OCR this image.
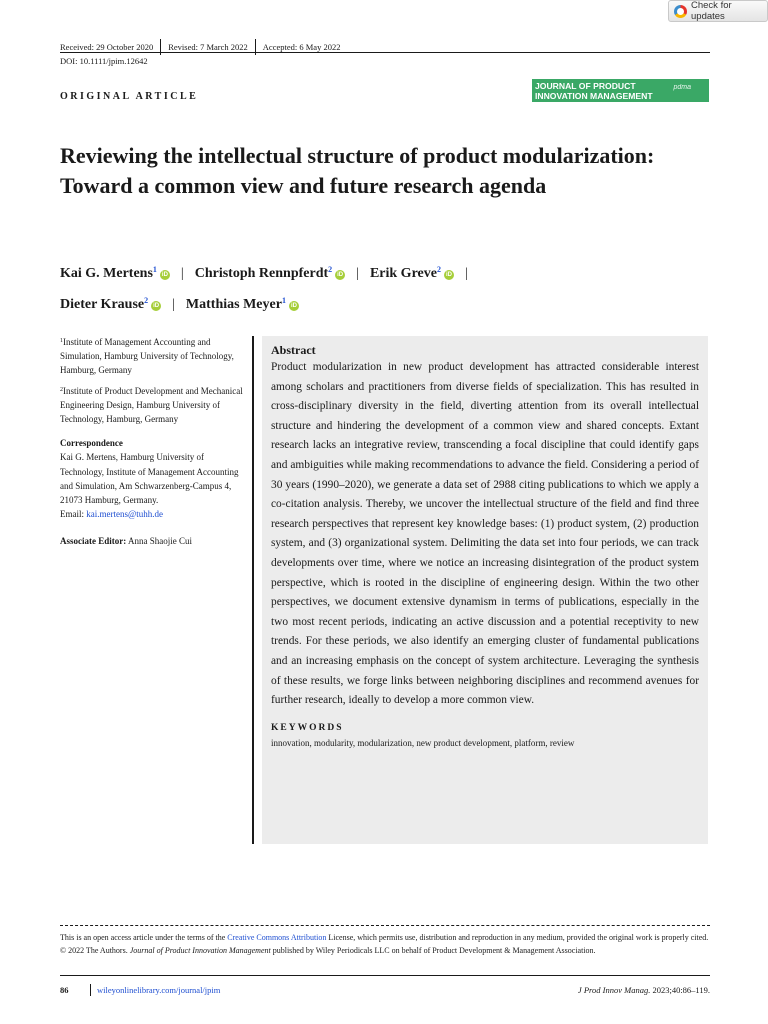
Check for updates
Received: 29 October 2020 Revised: 7 March 2022 Accepted: 6 May 2022
DOI: 10.1111/jpim.12642
ORIGINAL ARTICLE
JOURNAL OF PRODUCT
INNOVATION MANAGEMENT
pdma
Reviewing the intellectual structure of product modularization: Toward a common view and future research agenda
Kai G. Mertens$^1$iD | Christoph Rennpferdt$^2$iD | Erik Greve$^2$iD |
Dieter Krause$^2$iD | Matthias Meyer$^1$iD

$^1$Institute of Management Accounting and Simulation, Hamburg University of Technology, Hamburg, Germany

$^2$Institute of Product Development and Mechanical Engineering Design, Hamburg University of Technology, Hamburg, Germany

Correspondence
Kai G. Mertens, Hamburg University of Technology, Institute of Management Accounting and Simulation, Am Schwarzenberg-Campus 4, 21073 Hamburg, Germany.
Email: kai.mertens@tuhh.de
Associate Editor: Anna Shaojie Cui
Abstract

Product modularization in new product development has attracted considerable interest among scholars and practitioners from diverse fields of specialization. This has resulted in cross-disciplinary diversity in the field, diverting attention from its overall intellectual structure and hindering the development of a common view and shared concepts. Extant research lacks an integrative review, transcending a focal discipline that could identify gaps and ambiguities while making recommendations to advance the field. Considering a period of 30 years (1990–2020), we generate a data set of 2988 citing publications to which we apply a co-citation analysis. Thereby, we uncover the intellectual structure of the field and find three research perspectives that represent key knowledge bases: (1) product system, (2) production system, and (3) organizational system. Delimiting the data set into four periods, we can track developments over time, where we notice an increasing disintegration of the product system perspective, which is rooted in the discipline of engineering design. Within the two other perspectives, we document extensive dynamism in terms of publications, especially in the two most recent periods, indicating an active discussion and a potential receptivity to new trends. For these periods, we also identify an emerging cluster of fundamental publications and an increasing emphasis on the concept of system architecture. Leveraging the synthesis of these results, we forge links between neighboring disciplines and recommend avenues for further research, ideally to develop a more common view.

KEYWORDS
innovation, modularity, modularization, new product development, platform, review
This is an open access article under the terms of the Creative Commons Attribution License, which permits use, distribution and reproduction in any medium, provided the original work is properly cited.
© 2022 The Authors. Journal of Product Innovation Management published by Wiley Periodicals LLC on behalf of Product Development & Management Association.
86	wileyonlinelibrary.com/journal/jpim	J Prod Innov Manag. 2023;40:86–119.
